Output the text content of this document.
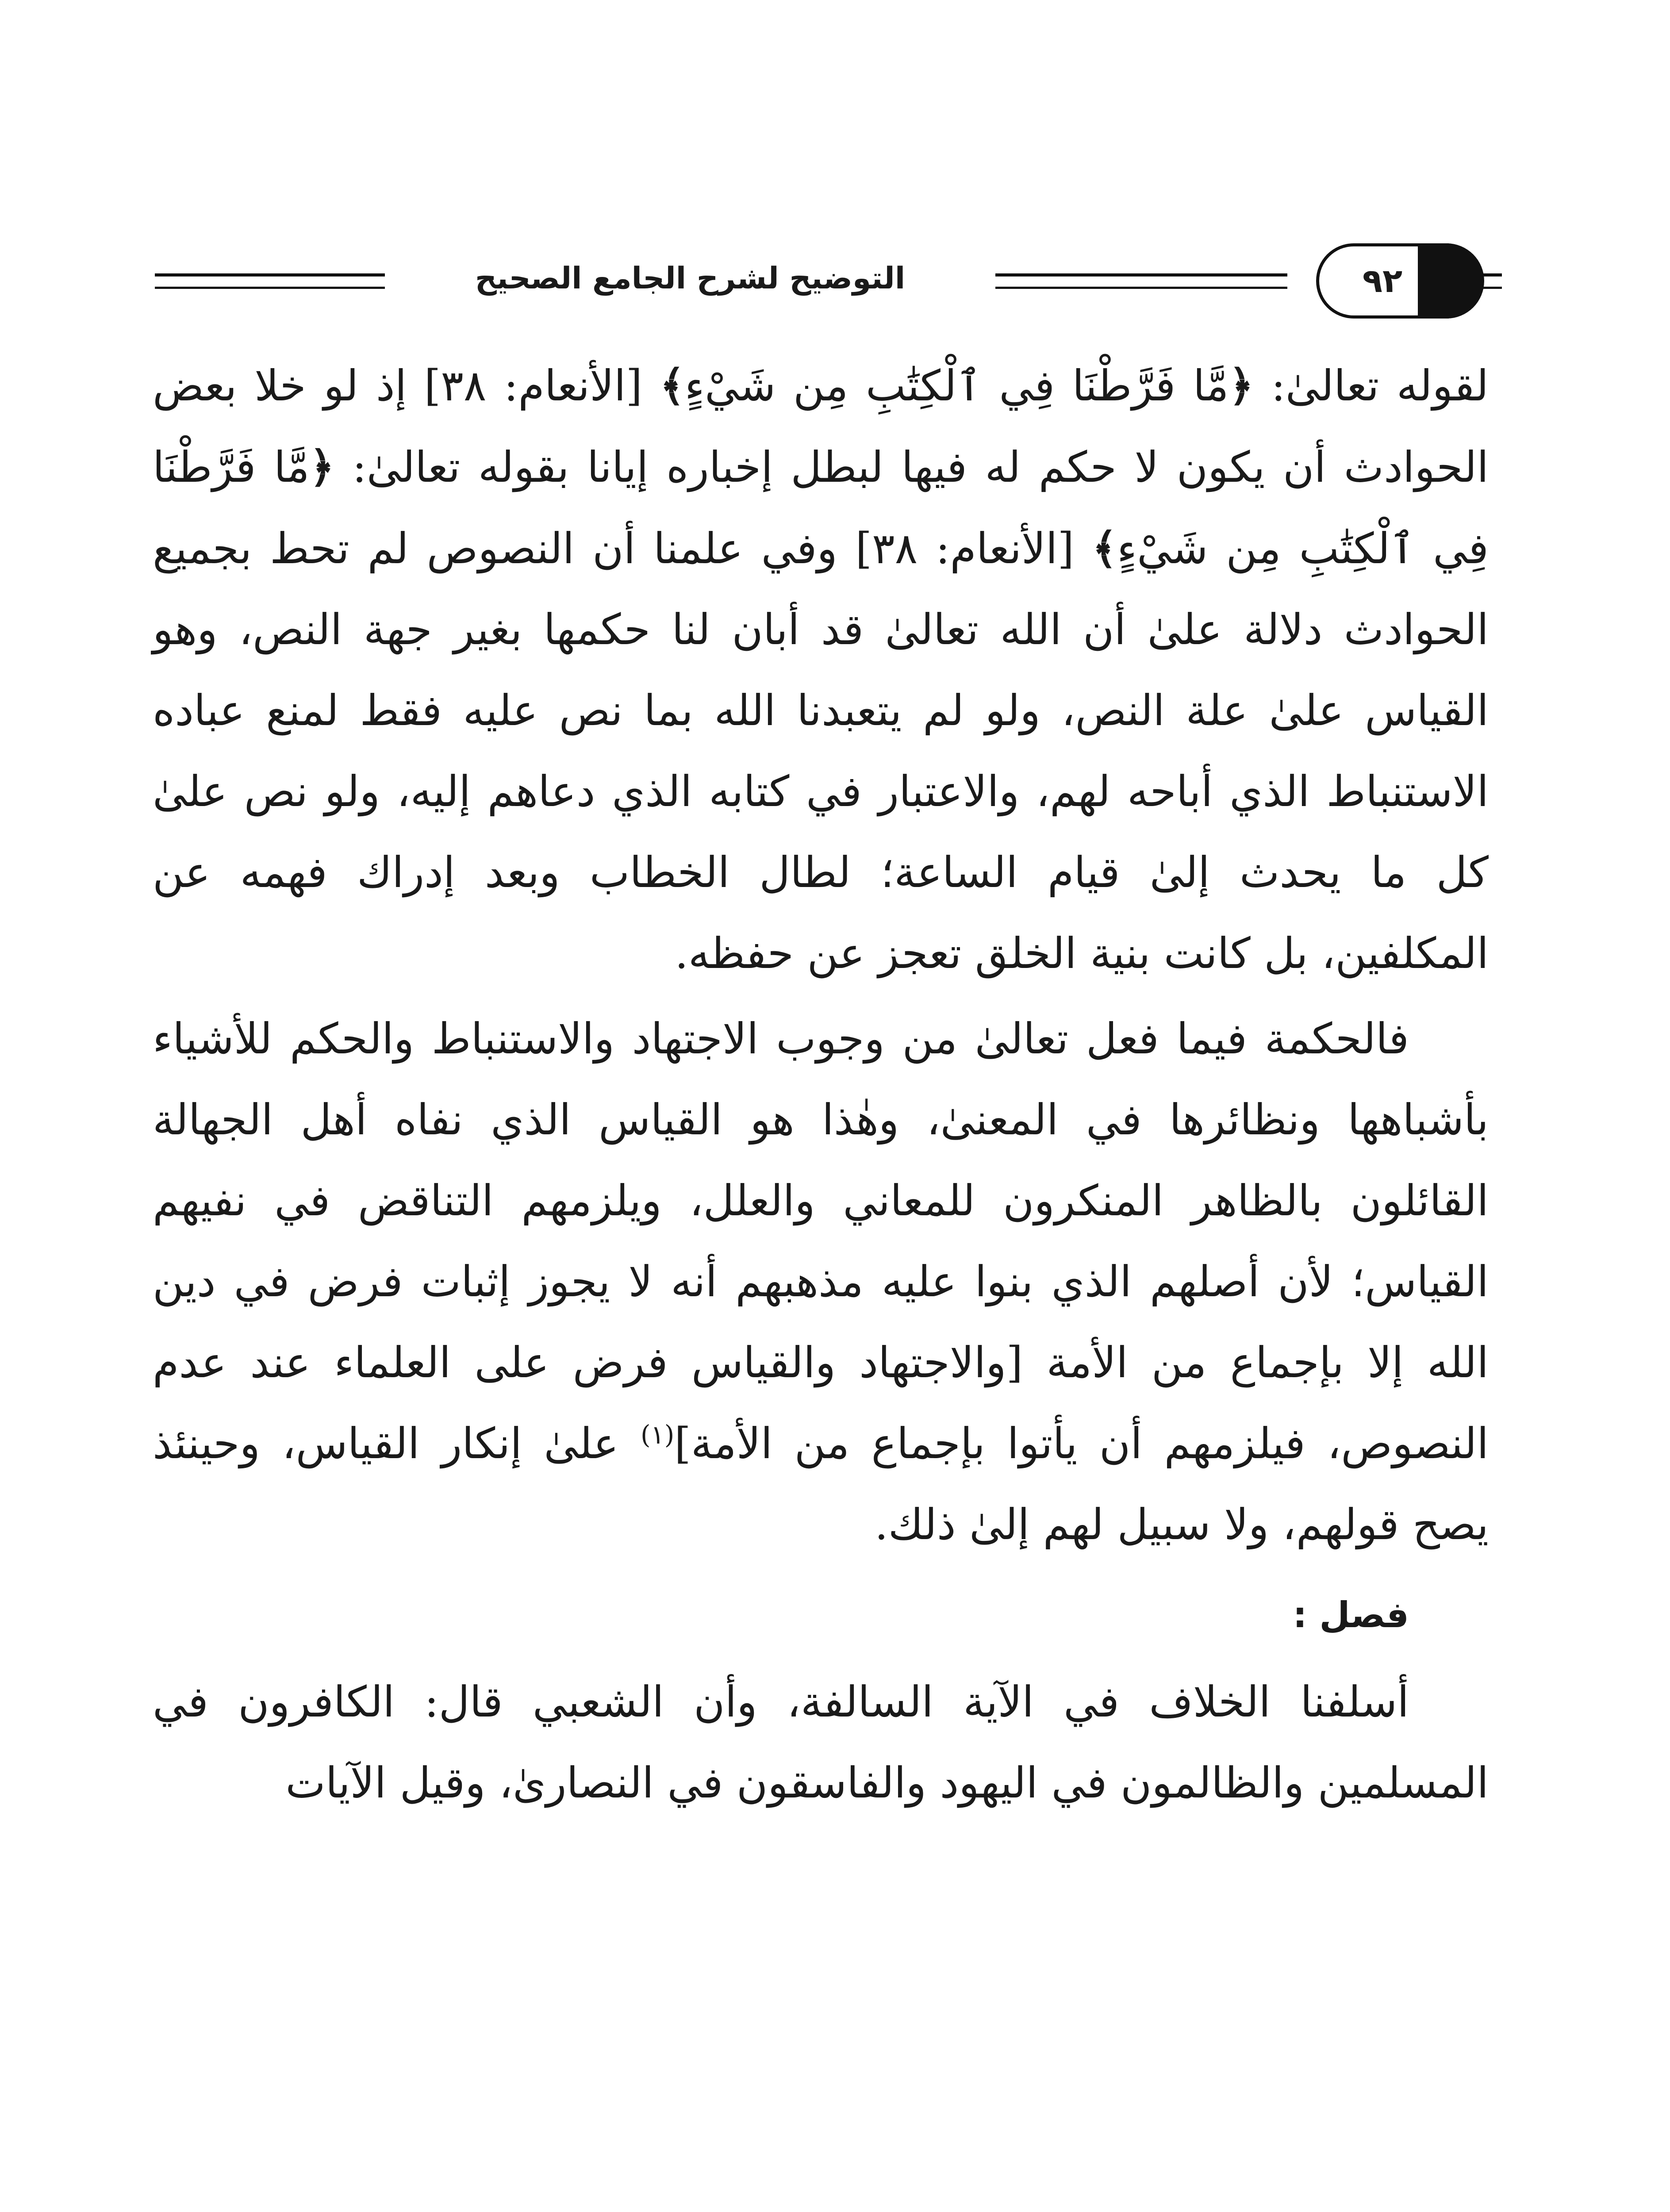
التوضيح لشرح الجامع الصحيح	٩٢

لقوله تعالىٰ: ﴿مَّا فَرَّطْنَا فِي ٱلْكِتَٰبِ مِن شَيْءٍ﴾ [الأنعام: ٣٨] إذ لو خلا بعض الحوادث أن يكون لا حكم له فيها لبطل إخباره إيانا بقوله تعالىٰ: ﴿مَّا فَرَّطْنَا فِي ٱلْكِتَٰبِ مِن شَيْءٍ﴾ [الأنعام: ٣٨] وفي علمنا أن النصوص لم تحط بجميع الحوادث دلالة علىٰ أن الله تعالىٰ قد أبان لنا حكمها بغير جهة النص، وهو القياس علىٰ علة النص، ولو لم يتعبدنا الله بما نص عليه فقط لمنع عباده الاستنباط الذي أباحه لهم، والاعتبار في كتابه الذي دعاهم إليه، ولو نص علىٰ كل ما يحدث إلىٰ قيام الساعة؛ لطال الخطاب وبعد إدراك فهمه عن المكلفين، بل كانت بنية الخلق تعجز عن حفظه.

فالحكمة فيما فعل تعالىٰ من وجوب الاجتهاد والاستنباط والحكم للأشياء بأشباهها ونظائرها في المعنىٰ، وهٰذا هو القياس الذي نفاه أهل الجهالة القائلون بالظاهر المنكرون للمعاني والعلل، ويلزمهم التناقض في نفيهم القياس؛ لأن أصلهم الذي بنوا عليه مذهبهم أنه لا يجوز إثبات فرض في دين الله إلا بإجماع من الأمة [والاجتهاد والقياس فرض على العلماء عند عدم النصوص، فيلزمهم أن يأتوا بإجماع من الأمة]$^{(١)}$ علىٰ إنكار القياس، وحينئذ يصح قولهم، ولا سبيل لهم إلىٰ ذلك.

فصل :

أسلفنا الخلاف في الآية السالفة، وأن الشعبي قال: الكافرون في المسلمين والظالمون في اليهود والفاسقون في النصارىٰ، وقيل الآيات
